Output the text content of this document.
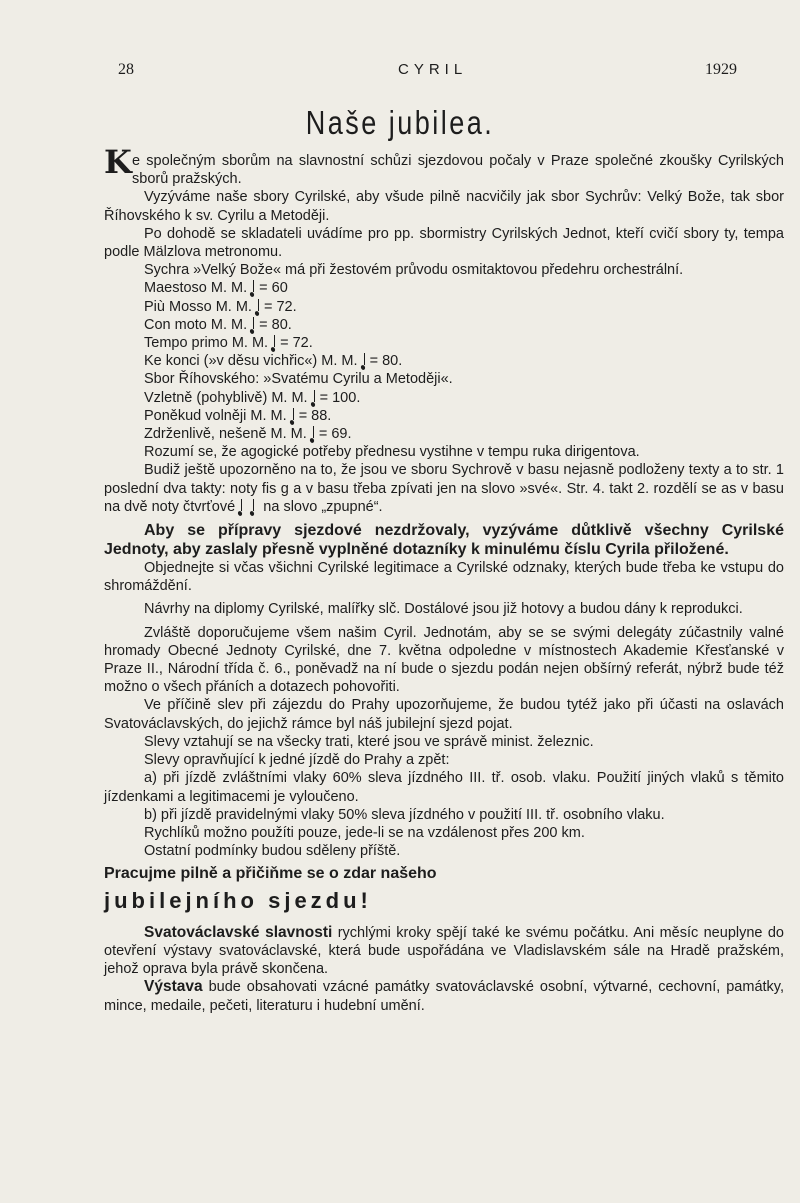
28	CYRIL	1929
Naše jubilea.

K e společným sborům na slavnostní schůzi sjezdovou počaly v Praze společné zkoušky Cyrilských sborů pražských.

Vyzýváme naše sbory Cyrilské, aby všude pilně nacvičily jak sbor Sychrův: Velký Bože, tak sbor Říhovského k sv. Cyrilu a Metoději.

Po dohodě se skladateli uvádíme pro pp. sbormistry Cyrilských Jednot, kteří cvičí sbory ty, tempa podle Mälzlova metronomu.

Sychra »Velký Bože« má při žestovém průvodu osmitaktovou předehru orchestrální.

Maestoso M. M. = 60

Più Mosso M. M. = 72.

Con moto M. M. = 80.

Tempo primo M. M. = 72.

Ke konci (»v děsu vichřic«) M. M. = 80.

Sbor Říhovského: »Svatému Cyrilu a Metoději«.

Vzletně (pohyblivě) M. M. = 100.

Poněkud volněji M. M. = 88.

Zdrženlivě, nešeně M. M. = 69.

Rozumí se, že agogické potřeby přednesu vystihne v tempu ruka dirigentova.

Budiž ještě upozorněno na to, že jsou ve sboru Sychrově v basu nejasně podloženy texty a to str. 1 poslední dva takty: noty fis g a v basu třeba zpívati jen na slovo »své«. Str. 4. takt 2. rozdělí se as v basu na dvě noty čtvrťové na slovo „zpupné“.

Aby se přípravy sjezdové nezdržovaly, vyzýváme důtklivě všechny Cyrilské Jednoty, aby zaslaly přesně vyplněné dotazníky k minulému číslu Cyrila přiložené.

Objednejte si včas všichni Cyrilské legitimace a Cyrilské odznaky, kterých bude třeba ke vstupu do shromáždění.

Návrhy na diplomy Cyrilské, malířky slč. Dostálové jsou již hotovy a budou dány k reprodukci.

Zvláště doporučujeme všem našim Cyril. Jednotám, aby se se svými delegáty zúčastnily valné hromady Obecné Jednoty Cyrilské, dne 7. května odpoledne v místnostech Akademie Křesťanské v Praze II., Národní třída č. 6., poněvadž na ní bude o sjezdu podán nejen obšírný referát, nýbrž bude též možno o všech přáních a dotazech pohovořiti.

Ve příčině slev při zájezdu do Prahy upozorňujeme, že budou tytéž jako při účasti na oslavách Svatováclavských, do jejichž rámce byl náš jubilejní sjezd pojat.

Slevy vztahují se na všecky trati, které jsou ve správě minist. železnic.

Slevy opravňující k jedné jízdě do Prahy a zpět:

a) při jízdě zvláštními vlaky 60% sleva jízdného III. tř. osob. vlaku. Použití jiných vlaků s těmito jízdenkami a legitimacemi je vyloučeno.

b) při jízdě pravidelnými vlaky 50% sleva jízdného v použití III. tř. osobního vlaku.

Rychlíků možno použíti pouze, jede-li se na vzdálenost přes 200 km.

Ostatní podmínky budou sděleny příště.

Pracujme pilně a přičiňme se o zdar našeho

jubilejního sjezdu!

Svatováclavské slavnosti rychlými kroky spějí také ke svému počátku. Ani měsíc neuplyne do otevření výstavy svatováclavské, která bude uspořádána ve Vladislavském sále na Hradě pražském, jehož oprava byla právě skončena.

Výstava bude obsahovati vzácné památky svatováclavské osobní, výtvarné, cechovní, památky, mince, medaile, pečeti, literaturu i hudební umění.
